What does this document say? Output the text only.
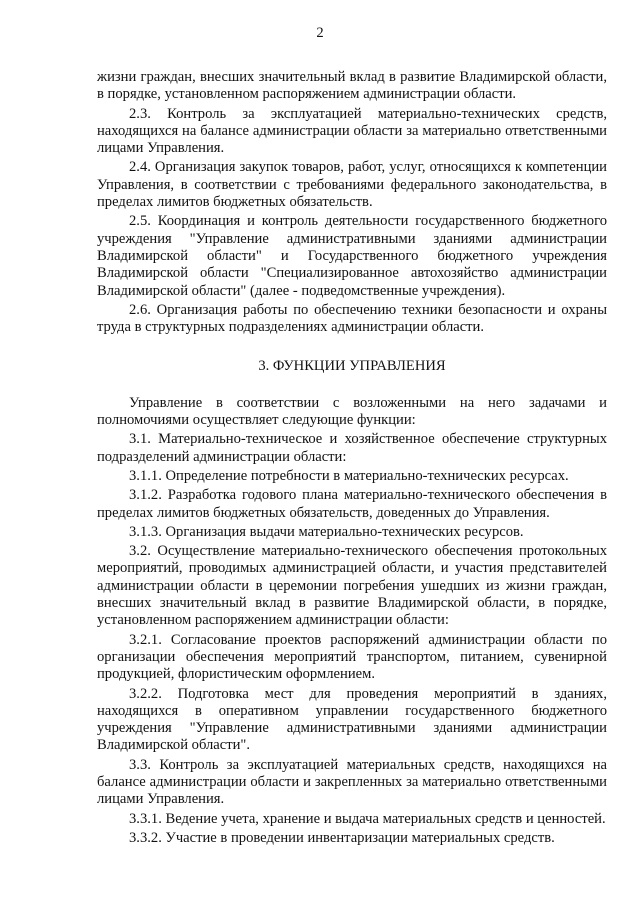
2

жизни граждан, внесших значительный вклад в развитие Владимирской области, в порядке, установленном распоряжением администрации области.

2.3. Контроль за эксплуатацией материально-технических средств, находящихся на балансе администрации области за материально ответственными лицами Управления.

2.4. Организация закупок товаров, работ, услуг, относящихся к компетенции Управления, в соответствии с требованиями федерального законодательства, в пределах лимитов бюджетных обязательств.

2.5. Координация и контроль деятельности государственного бюджетного учреждения "Управление административными зданиями администрации Владимирской области" и Государственного бюджетного учреждения Владимирской области "Специализированное автохозяйство администрации Владимирской области" (далее - подведомственные учреждения).

2.6. Организация работы по обеспечению техники безопасности и охраны труда в структурных подразделениях администрации области.

3. ФУНКЦИИ УПРАВЛЕНИЯ

Управление в соответствии с возложенными на него задачами и полномочиями осуществляет следующие функции:

3.1. Материально-техническое и хозяйственное обеспечение структурных подразделений администрации области:

3.1.1. Определение потребности в материально-технических ресурсах.

3.1.2. Разработка годового плана материально-технического обеспечения в пределах лимитов бюджетных обязательств, доведенных до Управления.

3.1.3. Организация выдачи материально-технических ресурсов.

3.2. Осуществление материально-технического обеспечения протокольных мероприятий, проводимых администрацией области, и участия представителей администрации области в церемонии погребения ушедших из жизни граждан, внесших значительный вклад в развитие Владимирской области, в порядке, установленном распоряжением администрации области:

3.2.1. Согласование проектов распоряжений администрации области по организации обеспечения мероприятий транспортом, питанием, сувенирной продукцией, флористическим оформлением.

3.2.2. Подготовка мест для проведения мероприятий в зданиях, находящихся в оперативном управлении государственного бюджетного учреждения "Управление административными зданиями администрации Владимирской области".

3.3. Контроль за эксплуатацией материальных средств, находящихся на балансе администрации области и закрепленных за материально ответственными лицами Управления.

3.3.1. Ведение учета, хранение и выдача материальных средств и ценностей.

3.3.2. Участие в проведении инвентаризации материальных средств.
